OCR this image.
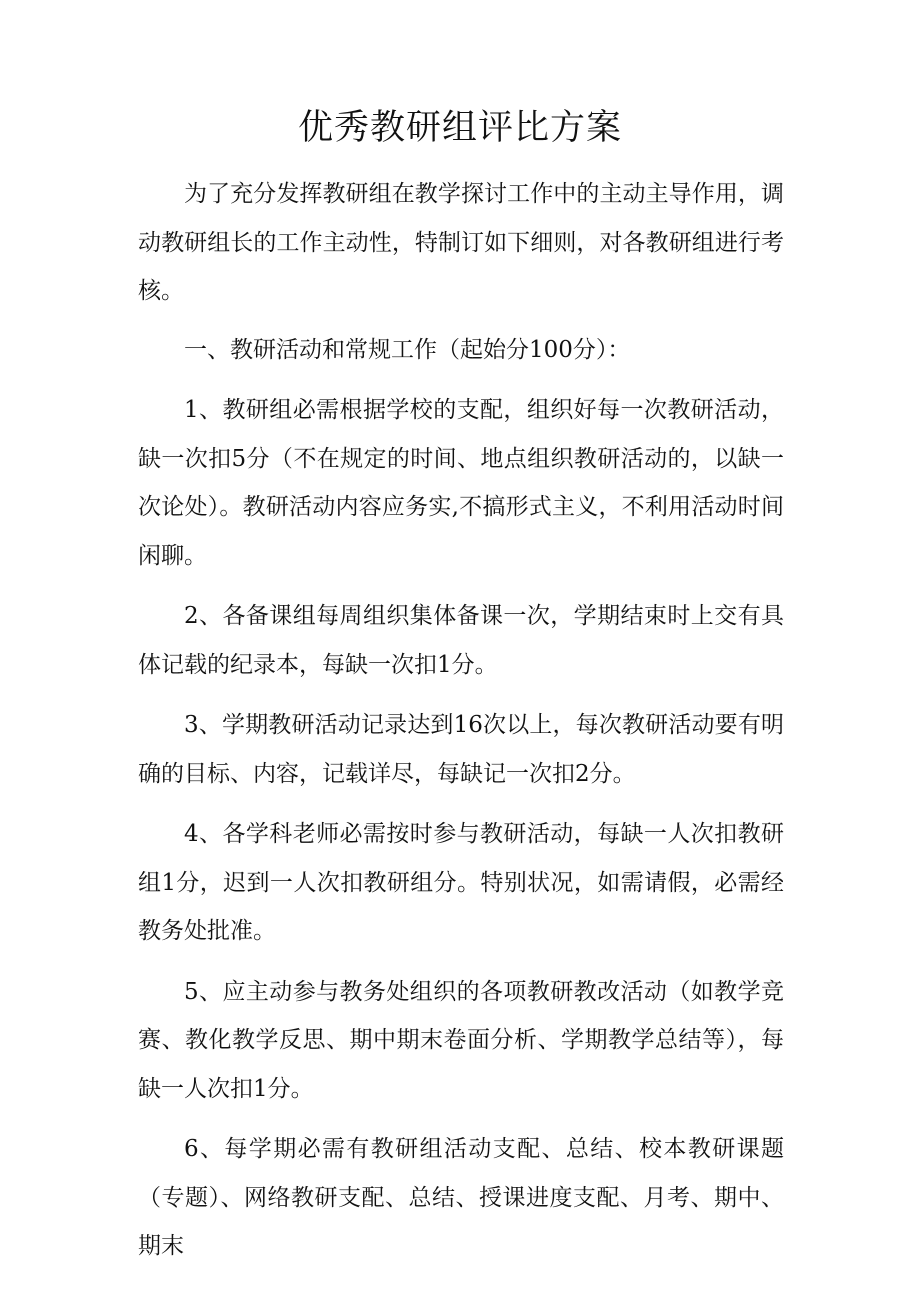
优秀教研组评比方案

为了充分发挥教研组在教学探讨工作中的主动主导作用，调动教研组长的工作主动性，特制订如下细则，对各教研组进行考核。

一、教研活动和常规工作（起始分100分）：

1、教研组必需根据学校的支配，组织好每一次教研活动，缺一次扣5分（不在规定的时间、地点组织教研活动的，以缺一次论处）。教研活动内容应务实,不搞形式主义，不利用活动时间闲聊。

2、各备课组每周组织集体备课一次，学期结束时上交有具体记载的纪录本，每缺一次扣1分。

3、学期教研活动记录达到16次以上，每次教研活动要有明确的目标、内容，记载详尽，每缺记一次扣2分。

4、各学科老师必需按时参与教研活动，每缺一人次扣教研组1分，迟到一人次扣教研组分。特别状况，如需请假，必需经教务处批准。

5、应主动参与教务处组织的各项教研教改活动（如教学竞赛、教化教学反思、期中期末卷面分析、学期教学总结等），每缺一人次扣1分。

6、每学期必需有教研组活动支配、总结、校本教研课题（专题）、网络教研支配、总结、授课进度支配、月考、期中、期末
